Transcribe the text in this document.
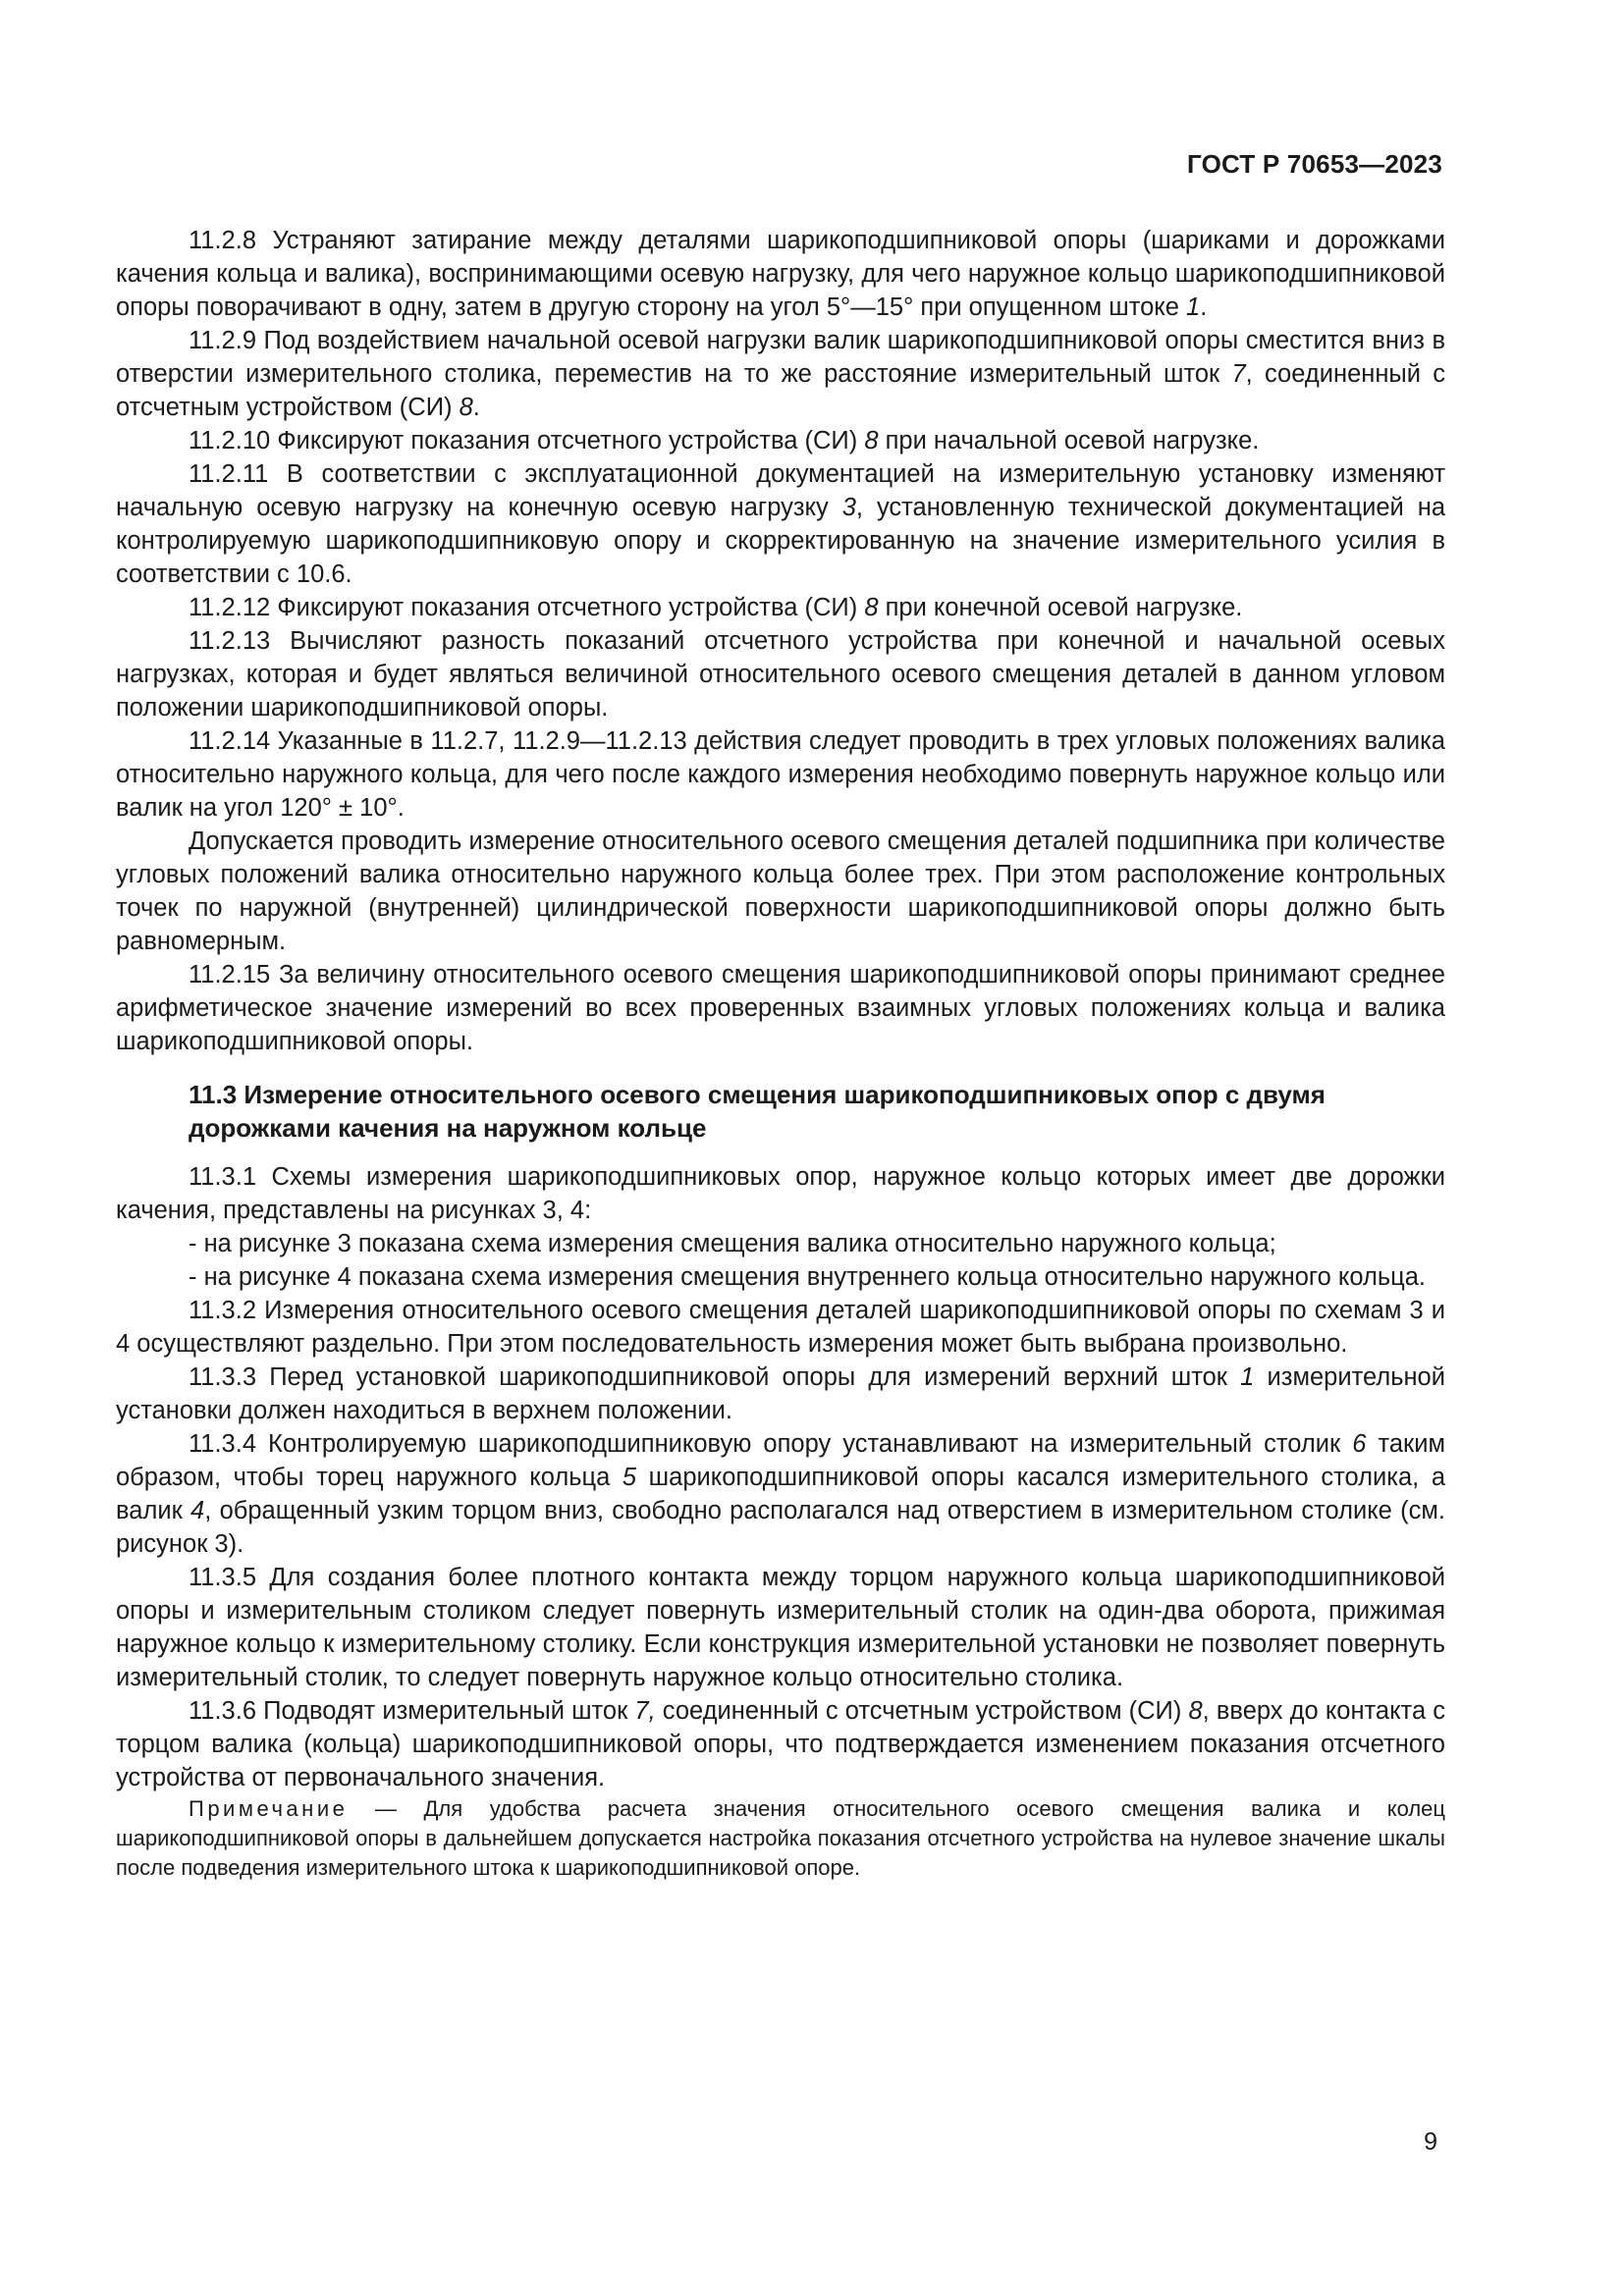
ГОСТ Р 70653—2023

11.2.8 Устраняют затирание между деталями шарикоподшипниковой опоры (шариками и дорожками качения кольца и валика), воспринимающими осевую нагрузку, для чего наружное кольцо шарикоподшипниковой опоры поворачивают в одну, затем в другую сторону на угол 5°—15° при опущенном штоке 1.

11.2.9 Под воздействием начальной осевой нагрузки валик шарикоподшипниковой опоры сместится вниз в отверстии измерительного столика, переместив на то же расстояние измерительный шток 7, соединенный с отсчетным устройством (СИ) 8.

11.2.10 Фиксируют показания отсчетного устройства (СИ) 8 при начальной осевой нагрузке.

11.2.11 В соответствии с эксплуатационной документацией на измерительную установку изменяют начальную осевую нагрузку на конечную осевую нагрузку 3, установленную технической документацией на контролируемую шарикоподшипниковую опору и скорректированную на значение измерительного усилия в соответствии с 10.6.

11.2.12 Фиксируют показания отсчетного устройства (СИ) 8 при конечной осевой нагрузке.

11.2.13 Вычисляют разность показаний отсчетного устройства при конечной и начальной осевых нагрузках, которая и будет являться величиной относительного осевого смещения деталей в данном угловом положении шарикоподшипниковой опоры.

11.2.14 Указанные в 11.2.7, 11.2.9—11.2.13 действия следует проводить в трех угловых положениях валика относительно наружного кольца, для чего после каждого измерения необходимо повернуть наружное кольцо или валик на угол 120° ± 10°.

Допускается проводить измерение относительного осевого смещения деталей подшипника при количестве угловых положений валика относительно наружного кольца более трех. При этом расположение контрольных точек по наружной (внутренней) цилиндрической поверхности шарикоподшипниковой опоры должно быть равномерным.

11.2.15 За величину относительного осевого смещения шарикоподшипниковой опоры принимают среднее арифметическое значение измерений во всех проверенных взаимных угловых положениях кольца и валика шарикоподшипниковой опоры.

11.3 Измерение относительного осевого смещения шарикоподшипниковых опор с двумя дорожками качения на наружном кольце

11.3.1 Схемы измерения шарикоподшипниковых опор, наружное кольцо которых имеет две дорожки качения, представлены на рисунках 3, 4:

- на рисунке 3 показана схема измерения смещения валика относительно наружного кольца;

- на рисунке 4 показана схема измерения смещения внутреннего кольца относительно наружного кольца.

11.3.2 Измерения относительного осевого смещения деталей шарикоподшипниковой опоры по схемам 3 и 4 осуществляют раздельно. При этом последовательность измерения может быть выбрана произвольно.

11.3.3 Перед установкой шарикоподшипниковой опоры для измерений верхний шток 1 измерительной установки должен находиться в верхнем положении.

11.3.4 Контролируемую шарикоподшипниковую опору устанавливают на измерительный столик 6 таким образом, чтобы торец наружного кольца 5 шарикоподшипниковой опоры касался измерительного столика, а валик 4, обращенный узким торцом вниз, свободно располагался над отверстием в измерительном столике (см. рисунок 3).

11.3.5 Для создания более плотного контакта между торцом наружного кольца шарикоподшипниковой опоры и измерительным столиком следует повернуть измерительный столик на один-два оборота, прижимая наружное кольцо к измерительному столику. Если конструкция измерительной установки не позволяет повернуть измерительный столик, то следует повернуть наружное кольцо относительно столика.

11.3.6 Подводят измерительный шток 7, соединенный с отсчетным устройством (СИ) 8, вверх до контакта с торцом валика (кольца) шарикоподшипниковой опоры, что подтверждается изменением показания отсчетного устройства от первоначального значения.

Примечание — Для удобства расчета значения относительного осевого смещения валика и колец шарикоподшипниковой опоры в дальнейшем допускается настройка показания отсчетного устройства на нулевое значение шкалы после подведения измерительного штока к шарикоподшипниковой опоре.

9
